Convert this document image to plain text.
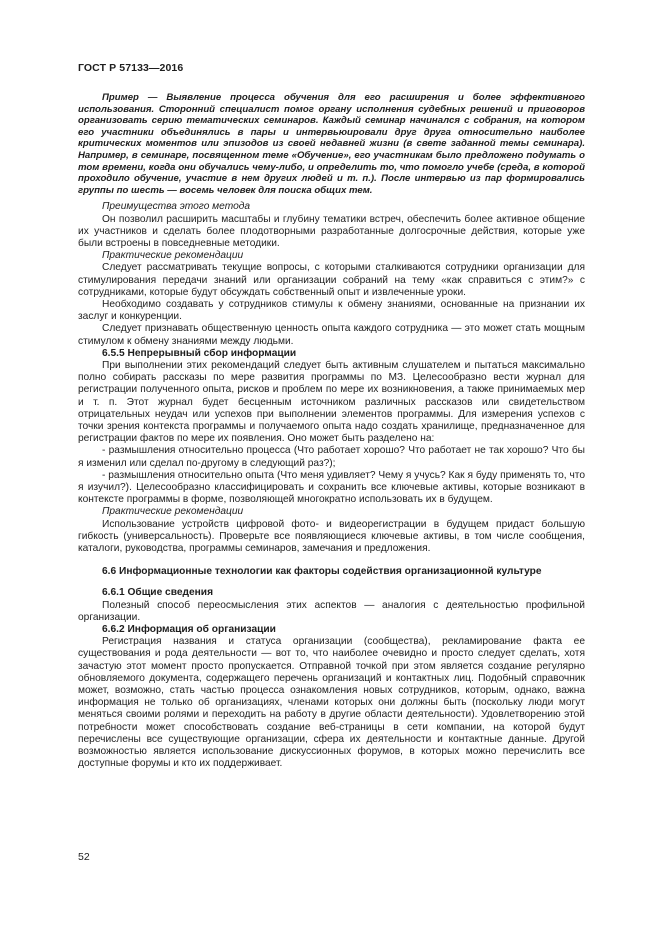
ГОСТ Р 57133—2016

Пример — Выявление процесса обучения для его расширения и более эффективного использования. Сторонний специалист помог органу исполнения судебных решений и приговоров организовать серию тематических семинаров. Каждый семинар начинался с собрания, на котором его участники объединялись в пары и интервьюировали друг друга относительно наиболее критических моментов или эпизодов из своей недавней жизни (в свете заданной темы семинара). Например, в семинаре, посвященном теме «Обучение», его участникам было предложено подумать о том времени, когда они обучались чему-либо, и определить то, что помогло учебе (среда, в которой проходило обучение, участие в нем других людей и т. п.). После интервью из пар формировались группы по шесть — восемь человек для поиска общих тем.

Преимущества этого метода

Он позволил расширить масштабы и глубину тематики встреч, обеспечить более активное общение их участников и сделать более плодотворными разработанные долгосрочные действия, которые уже были встроены в повседневные методики.

Практические рекомендации

Следует рассматривать текущие вопросы, с которыми сталкиваются сотрудники организации для стимулирования передачи знаний или организации собраний на тему «как справиться с этим?» с сотрудниками, которые будут обсуждать собственный опыт и извлеченные уроки.

Необходимо создавать у сотрудников стимулы к обмену знаниями, основанные на признании их заслуг и конкуренции.

Следует признавать общественную ценность опыта каждого сотрудника — это может стать мощным стимулом к обмену знаниями между людьми.

6.5.5 Непрерывный сбор информации

При выполнении этих рекомендаций следует быть активным слушателем и пытаться максимально полно собирать рассказы по мере развития программы по МЗ. Целесообразно вести журнал для регистрации полученного опыта, рисков и проблем по мере их возникновения, а также принимаемых мер и т. п. Этот журнал будет бесценным источником различных рассказов или свидетельством отрицательных неудач или успехов при выполнении элементов программы. Для измерения успехов с точки зрения контекста программы и получаемого опыта надо создать хранилище, предназначенное для регистрации фактов по мере их появления. Оно может быть разделено на:

- размышления относительно процесса (Что работает хорошо? Что работает не так хорошо? Что бы я изменил или сделал по-другому в следующий раз?);

- размышления относительно опыта (Что меня удивляет? Чему я учусь? Как я буду применять то, что я изучил?). Целесообразно классифицировать и сохранить все ключевые активы, которые возникают в контексте программы в форме, позволяющей многократно использовать их в будущем.

Практические рекомендации

Использование устройств цифровой фото- и видеорегистрации в будущем придаст большую гибкость (универсальность). Проверьте все появляющиеся ключевые активы, в том числе сообщения, каталоги, руководства, программы семинаров, замечания и предложения.

6.6 Информационные технологии как факторы содействия организационной культуре

6.6.1 Общие сведения

Полезный способ переосмысления этих аспектов — аналогия с деятельностью профильной организации.

6.6.2 Информация об организации

Регистрация названия и статуса организации (сообщества), рекламирование факта ее существования и рода деятельности — вот то, что наиболее очевидно и просто следует сделать, хотя зачастую этот момент просто пропускается. Отправной точкой при этом является создание регулярно обновляемого документа, содержащего перечень организаций и контактных лиц. Подобный справочник может, возможно, стать частью процесса ознакомления новых сотрудников, которым, однако, важна информация не только об организациях, членами которых они должны быть (поскольку люди могут меняться своими ролями и переходить на работу в другие области деятельности). Удовлетворению этой потребности может способствовать создание веб-страницы в сети компании, на которой будут перечислены все существующие организации, сфера их деятельности и контактные данные. Другой возможностью является использование дискуссионных форумов, в которых можно перечислить все доступные форумы и кто их поддерживает.

52
